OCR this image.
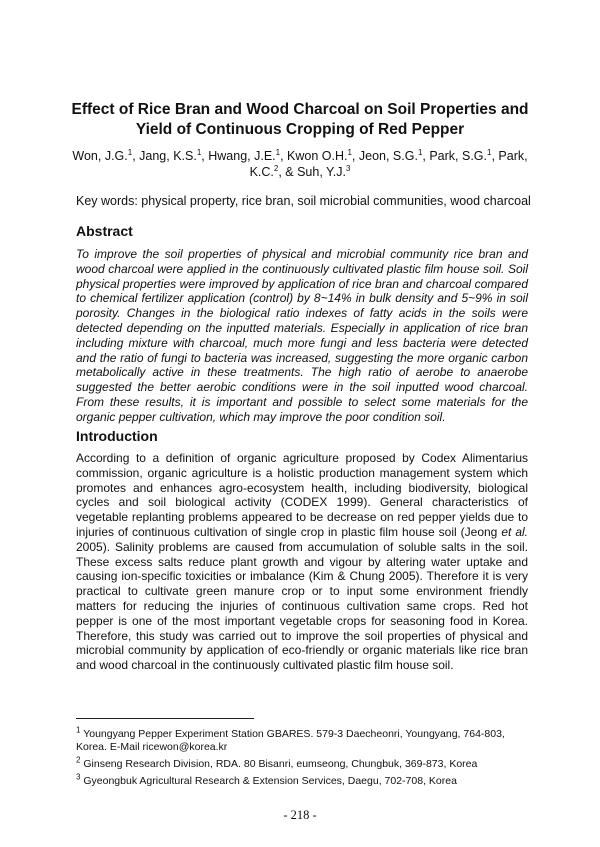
Effect of Rice Bran and Wood Charcoal on Soil Properties and Yield of Continuous Cropping of Red Pepper
Won, J.G.$^1$, Jang, K.S.$^1$, Hwang, J.E.$^1$, Kwon O.H.$^1$, Jeon, S.G.$^1$, Park, S.G.$^1$, Park, K.C.$^2$, & Suh, Y.J.$^3$
Key words: physical property, rice bran, soil microbial communities, wood charcoal
Abstract
To improve the soil properties of physical and microbial community rice bran and wood charcoal were applied in the continuously cultivated plastic film house soil. Soil physical properties were improved by application of rice bran and charcoal compared to chemical fertilizer application (control) by 8~14% in bulk density and 5~9% in soil porosity. Changes in the biological ratio indexes of fatty acids in the soils were detected depending on the inputted materials. Especially in application of rice bran including mixture with charcoal, much more fungi and less bacteria were detected and the ratio of fungi to bacteria was increased, suggesting the more organic carbon metabolically active in these treatments. The high ratio of aerobe to anaerobe suggested the better aerobic conditions were in the soil inputted wood charcoal. From these results, it is important and possible to select some materials for the organic pepper cultivation, which may improve the poor condition soil.
Introduction
According to a definition of organic agriculture proposed by Codex Alimentarius commission, organic agriculture is a holistic production management system which promotes and enhances agro-ecosystem health, including biodiversity, biological cycles and soil biological activity (CODEX 1999). General characteristics of vegetable replanting problems appeared to be decrease on red pepper yields due to injuries of continuous cultivation of single crop in plastic film house soil (Jeong et al. 2005). Salinity problems are caused from accumulation of soluble salts in the soil. These excess salts reduce plant growth and vigour by altering water uptake and causing ion-specific toxicities or imbalance (Kim & Chung 2005). Therefore it is very practical to cultivate green manure crop or to input some environment friendly matters for reducing the injuries of continuous cultivation same crops. Red hot pepper is one of the most important vegetable crops for seasoning food in Korea. Therefore, this study was carried out to improve the soil properties of physical and microbial community by application of eco-friendly or organic materials like rice bran and wood charcoal in the continuously cultivated plastic film house soil.
$^1$ Youngyang Pepper Experiment Station GBARES. 579-3 Daecheonri, Youngyang, 764-803, Korea. E-Mail ricewon@korea.kr
$^2$ Ginseng Research Division, RDA. 80 Bisanri, eumseong, Chungbuk, 369-873, Korea
$^3$ Gyeongbuk Agricultural Research & Extension Services, Daegu, 702-708, Korea
- 218 -
